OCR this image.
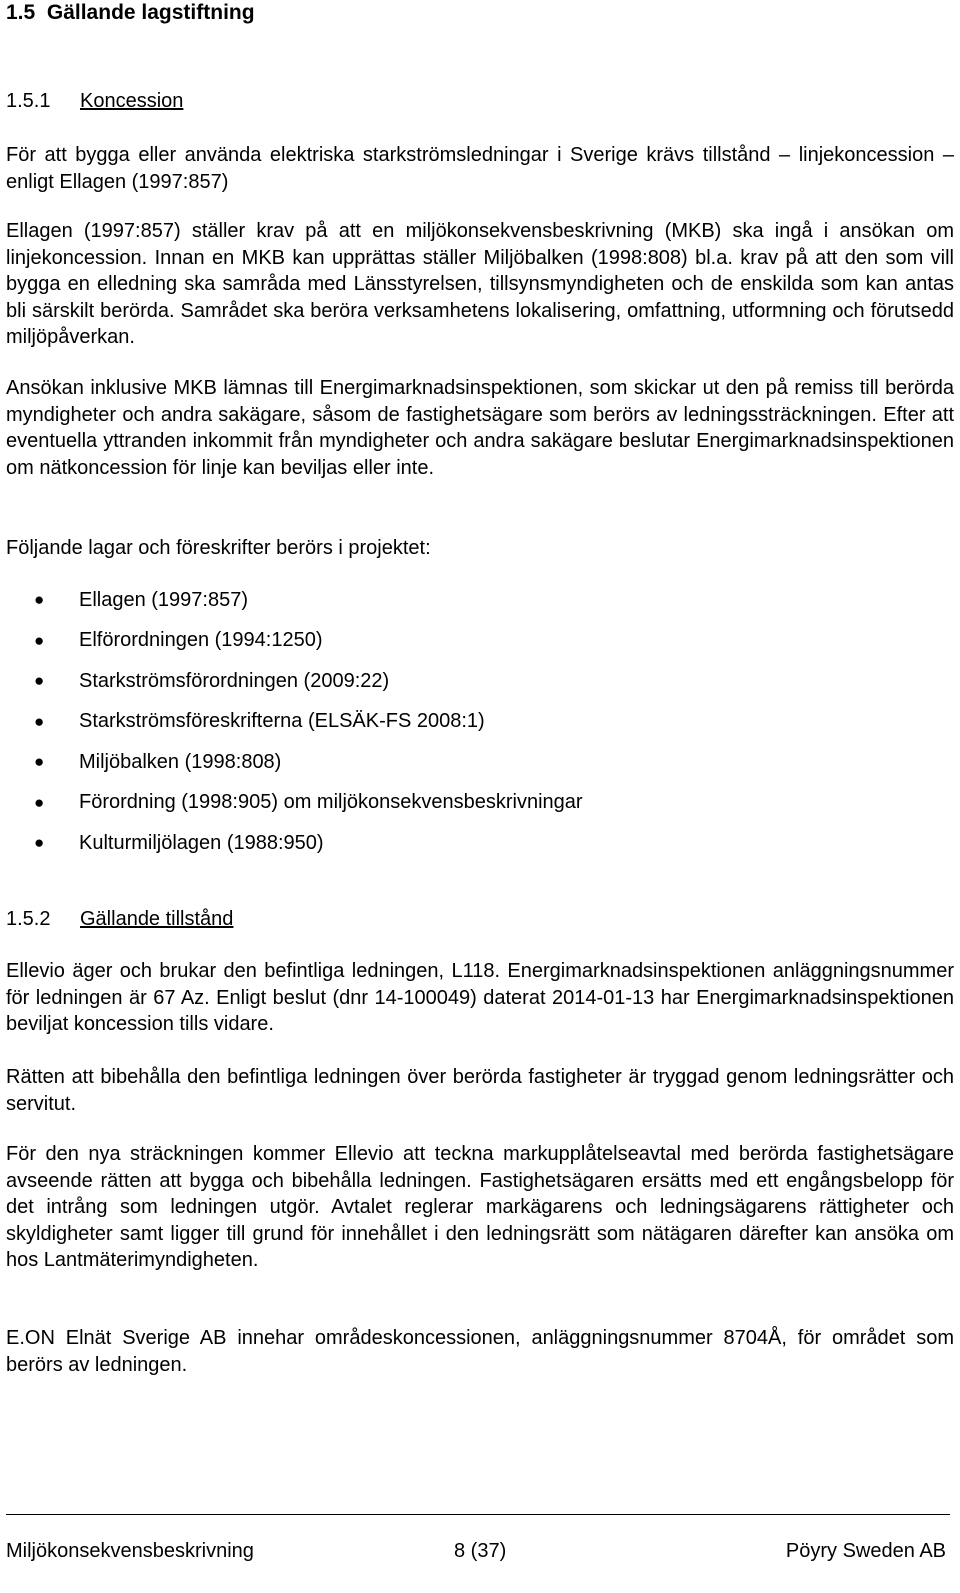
1.5 Gällande lagstiftning
1.5.1	Koncession

För att bygga eller använda elektriska starkströmsledningar i Sverige krävs tillstånd – linjekoncession – enligt Ellagen (1997:857)

Ellagen (1997:857) ställer krav på att en miljökonsekvensbeskrivning (MKB) ska ingå i ansökan om linjekoncession. Innan en MKB kan upprättas ställer Miljöbalken (1998:808) bl.a. krav på att den som vill bygga en elledning ska samråda med Länsstyrelsen, tillsynsmyndigheten och de enskilda som kan antas bli särskilt berörda. Samrådet ska beröra verksamhetens lokalisering, omfattning, utformning och förutsedd miljöpåverkan.

Ansökan inklusive MKB lämnas till Energimarknadsinspektionen, som skickar ut den på remiss till berörda myndigheter och andra sakägare, såsom de fastighetsägare som berörs av ledningssträckningen. Efter att eventuella yttranden inkommit från myndigheter och andra sakägare beslutar Energimarknadsinspektionen om nätkoncession för linje kan beviljas eller inte.

Följande lagar och föreskrifter berörs i projektet:

●	Ellagen (1997:857)
●	Elförordningen (1994:1250)
●	Starkströmsförordningen (2009:22)
●	Starkströmsföreskrifterna (ELSÄK-FS 2008:1)
●	Miljöbalken (1998:808)
●	Förordning (1998:905) om miljökonsekvensbeskrivningar
●	Kulturmiljölagen (1988:950)
1.5.2	Gällande tillstånd

Ellevio äger och brukar den befintliga ledningen, L118. Energimarknadsinspektionen anläggningsnummer för ledningen är 67 Az. Enligt beslut (dnr 14-100049) daterat 2014-01-13 har Energimarknadsinspektionen beviljat koncession tills vidare.

Rätten att bibehålla den befintliga ledningen över berörda fastigheter är tryggad genom ledningsrätter och servitut.

För den nya sträckningen kommer Ellevio att teckna markupplåtelseavtal med berörda fastighetsägare avseende rätten att bygga och bibehålla ledningen. Fastighetsägaren ersätts med ett engångsbelopp för det intrång som ledningen utgör. Avtalet reglerar markägarens och ledningsägarens rättigheter och skyldigheter samt ligger till grund för innehållet i den ledningsrätt som nätägaren därefter kan ansöka om hos Lantmäterimyndigheten.

E.ON Elnät Sverige AB innehar områdeskoncessionen, anläggningsnummer 8704Å, för området som berörs av ledningen.

Miljökonsekvensbeskrivning	8 (37)	Pöyry Sweden AB
